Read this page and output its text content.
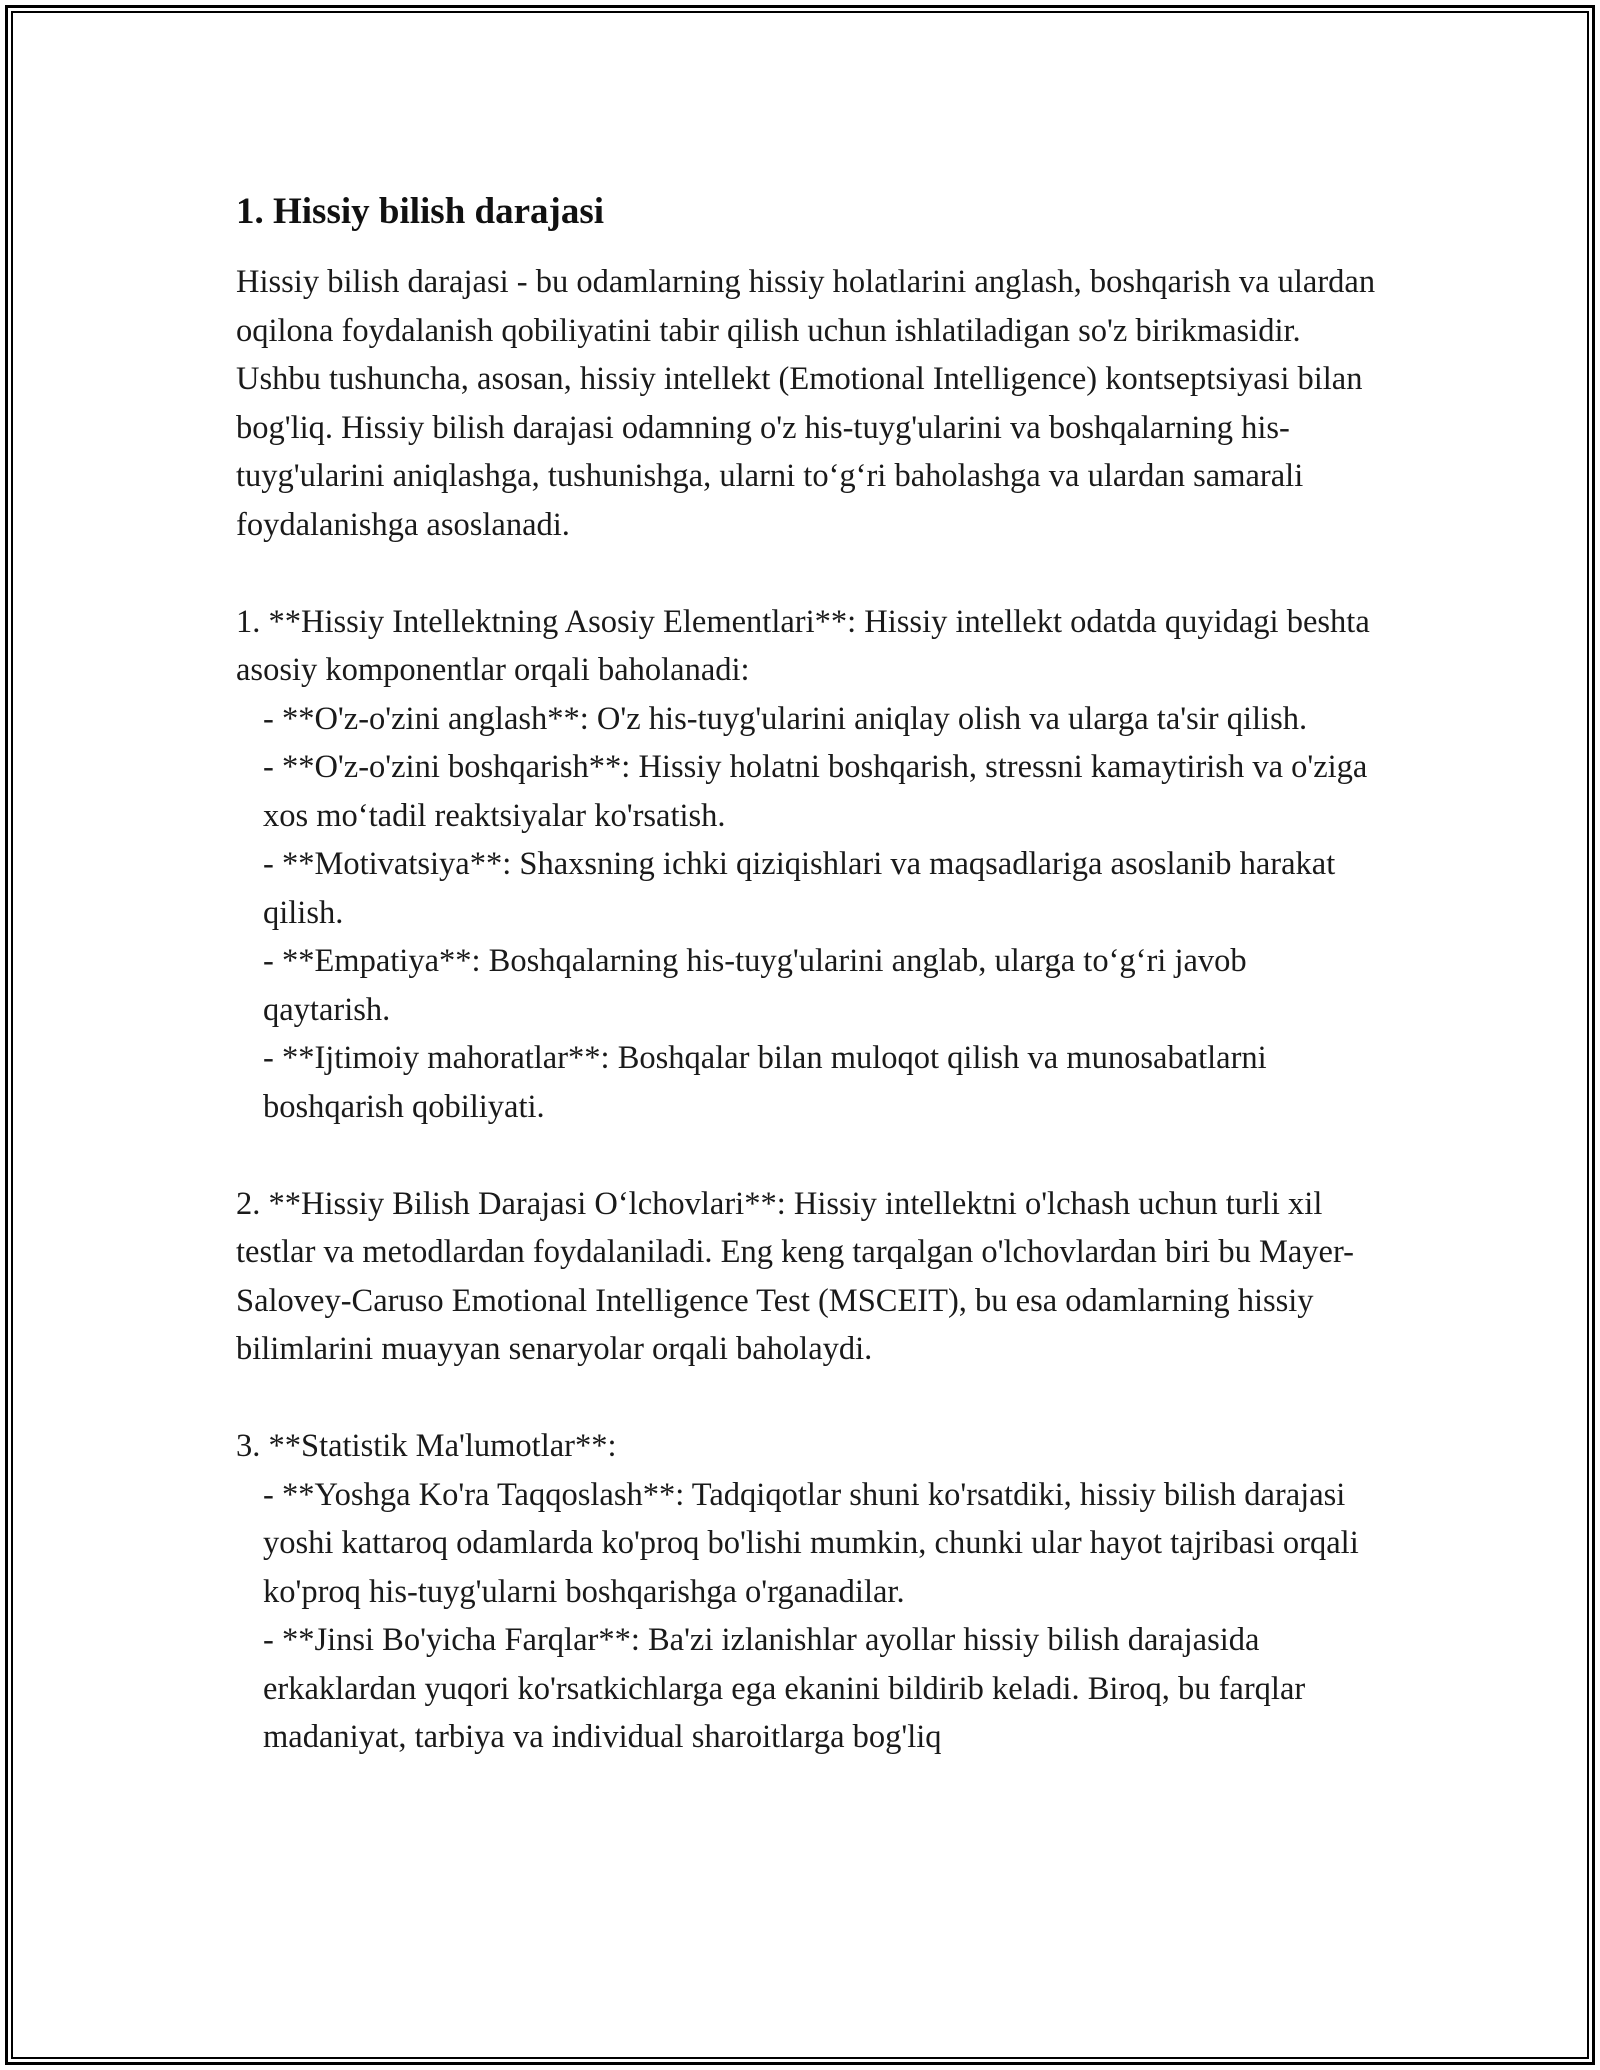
1. Hissiy bilish darajasi

Hissiy bilish darajasi - bu odamlarning hissiy holatlarini anglash, boshqarish va ulardan oqilona foydalanish qobiliyatini tabir qilish uchun ishlatiladigan so'z birikmasidir. Ushbu tushuncha, asosan, hissiy intellekt (Emotional Intelligence) kontseptsiyasi bilan bog'liq. Hissiy bilish darajasi odamning o'z his-tuyg'ularini va boshqalarning his-tuyg'ularini aniqlashga, tushunishga, ularni to‘g‘ri baholashga va ulardan samarali foydalanishga asoslanadi.

1. **Hissiy Intellektning Asosiy Elementlari**: Hissiy intellekt odatda quyidagi beshta asosiy komponentlar orqali baholanadi:

- **O'z-o'zini anglash**: O'z his-tuyg'ularini aniqlay olish va ularga ta'sir qilish.

- **O'z-o'zini boshqarish**: Hissiy holatni boshqarish, stressni kamaytirish va o'ziga xos mo‘tadil reaktsiyalar ko'rsatish.

- **Motivatsiya**: Shaxsning ichki qiziqishlari va maqsadlariga asoslanib harakat qilish.

- **Empatiya**: Boshqalarning his-tuyg'ularini anglab, ularga to‘g‘ri javob qaytarish.

- **Ijtimoiy mahoratlar**: Boshqalar bilan muloqot qilish va munosabatlarni boshqarish qobiliyati.

2. **Hissiy Bilish Darajasi O‘lchovlari**: Hissiy intellektni o'lchash uchun turli xil testlar va metodlardan foydalaniladi. Eng keng tarqalgan o'lchovlardan biri bu Mayer-Salovey-Caruso Emotional Intelligence Test (MSCEIT), bu esa odamlarning hissiy bilimlarini muayyan senaryolar orqali baholaydi.

3. **Statistik Ma'lumotlar**:

- **Yoshga Ko'ra Taqqoslash**: Tadqiqotlar shuni ko'rsatdiki, hissiy bilish darajasi yoshi kattaroq odamlarda ko'proq bo'lishi mumkin, chunki ular hayot tajribasi orqali ko'proq his-tuyg'ularni boshqarishga o'rganadilar.

- **Jinsi Bo'yicha Farqlar**: Ba'zi izlanishlar ayollar hissiy bilish darajasida erkaklardan yuqori ko'rsatkichlarga ega ekanini bildirib keladi. Biroq, bu farqlar madaniyat, tarbiya va individual sharoitlarga bog'liq
